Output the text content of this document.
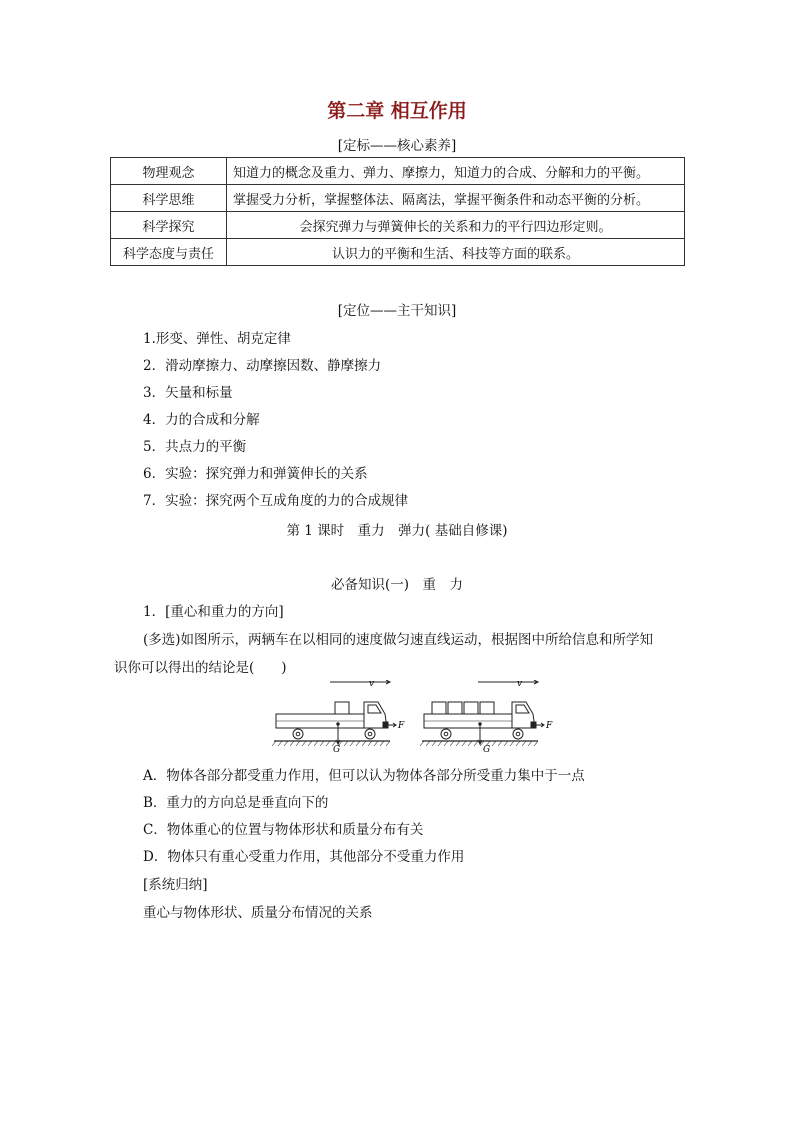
第二章 相互作用
[定标——核心素养]
物理观念	知道力的概念及重力、弹力、摩擦力，知道力的合成、分解和力的平衡。
科学思维	掌握受力分析，掌握整体法、隔离法，掌握平衡条件和动态平衡的分析。
科学探究	会探究弹力与弹簧伸长的关系和力的平行四边形定则。
科学态度与责任	认识力的平衡和生活、科技等方面的联系。
[定位——主干知识]
1.形变、弹性、胡克定律
2．滑动摩擦力、动摩擦因数、静摩擦力
3．矢量和标量
4．力的合成和分解
5．共点力的平衡
6．实验：探究弹力和弹簧伸长的关系
7．实验：探究两个互成角度的力的合成规律
第 1 课时　重力　弹力( 基础自修课)
必备知识(一)　重　力
1．[重心和重力的方向]
(多选)如图所示，两辆车在以相同的速度做匀速直线运动，根据图中所给信息和所学知
识你可以得出的结论是(　　)
v
F
G
v
F
G
A．物体各部分都受重力作用，但可以认为物体各部分所受重力集中于一点
B．重力的方向总是垂直向下的
C．物体重心的位置与物体形状和质量分布有关
D．物体只有重心受重力作用，其他部分不受重力作用
[系统归纳]
重心与物体形状、质量分布情况的关系
